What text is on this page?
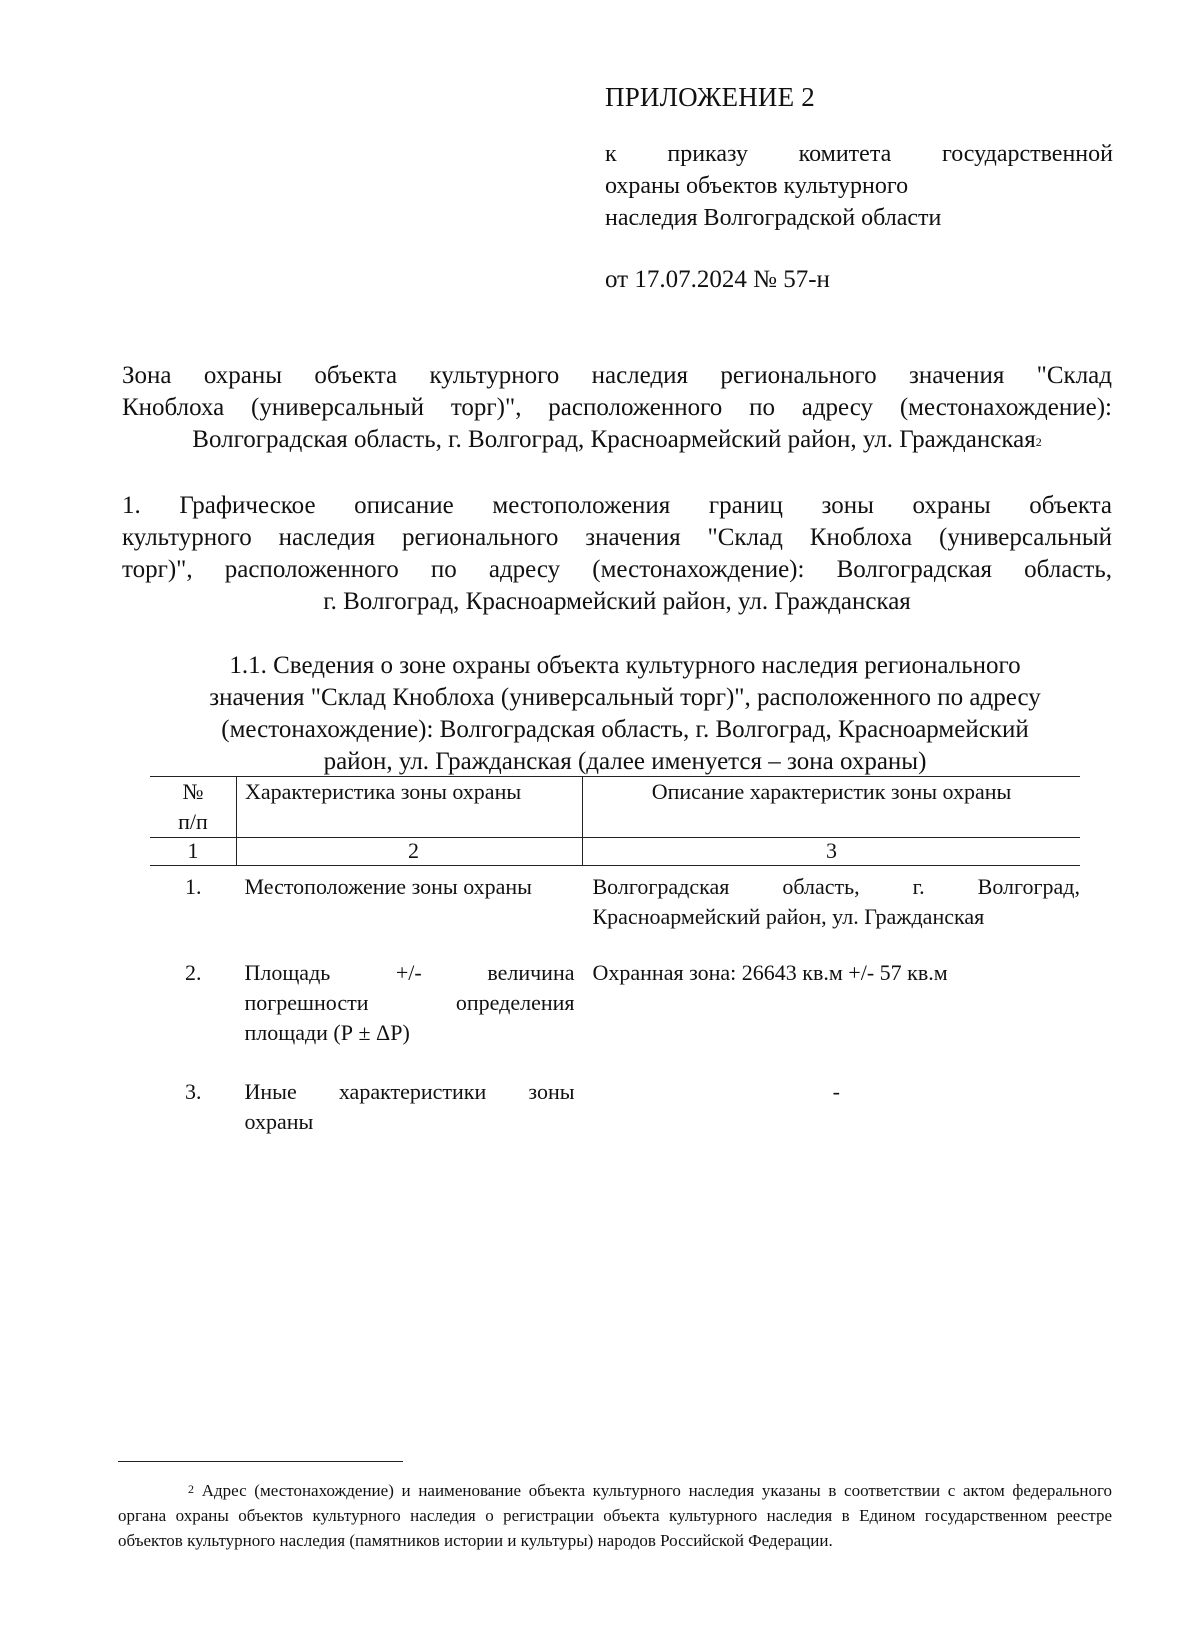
ПРИЛОЖЕНИЕ 2
к приказу комитета государственной
охраны объектов культурного
наследия Волгоградской области
от 17.07.2024 № 57-н
Зона охраны объекта культурного наследия регионального значения "Склад
Кноблоха (универсальный торг)", расположенного по адресу (местонахождение):
Волгоградская область, г. Волгоград, Красноармейский район, ул. Гражданская$^2$
1. Графическое описание местоположения границ зоны охраны объекта
культурного наследия регионального значения "Склад Кноблоха (универсальный
торг)", расположенного по адресу (местонахождение): Волгоградская область,
г. Волгоград, Красноармейский район, ул. Гражданская
1.1. Сведения о зоне охраны объекта культурного наследия регионального
значения "Склад Кноблоха (универсальный торг)", расположенного по адресу
(местонахождение): Волгоградская область, г. Волгоград, Красноармейский
район, ул. Гражданская (далее именуется – зона охраны)
№
п/п	Характеристика зоны охраны	Описание характеристик зоны охраны
1	2	3
1.	Местоположение зоны охраны	Волгоградская область, г. Волгоград, Красноармейский район, ул. Гражданская
2.	Площадь +/- величина погрешности определения площади (Р ± ΔР)	Охранная зона: 26643 кв.м +/- 57 кв.м
3.	Иные характеристики зоны охраны	-
$^2$ Адрес (местонахождение) и наименование объекта культурного наследия указаны в соответствии с актом федерального органа охраны объектов культурного наследия о регистрации объекта культурного наследия в Едином государственном реестре объектов культурного наследия (памятников истории и культуры) народов Российской Федерации.
